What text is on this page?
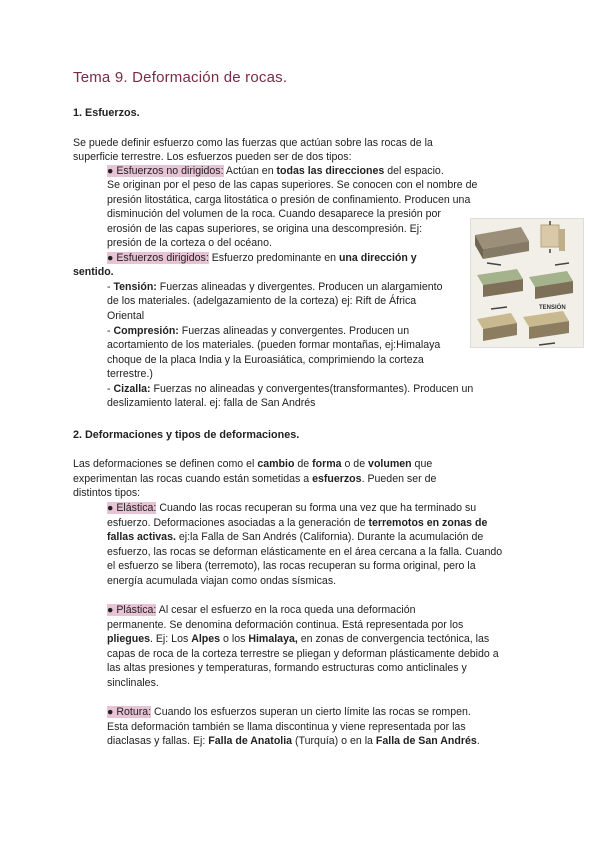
Tema 9. Deformación de rocas.
1. Esfuerzos.
Se puede definir esfuerzo como las fuerzas que actúan sobre las rocas de la
superficie terrestre. Los esfuerzos pueden ser de dos tipos:
● Esfuerzos no dirigidos: Actúan en todas las direcciones del espacio.
Se originan por el peso de las capas superiores. Se conocen con el nombre de
presión litostática, carga litostática o presión de confinamiento. Producen una
disminución del volumen de la roca. Cuando desaparece la presión por
erosión de las capas superiores, se origina una descompresión. Ej:
presión de la corteza o del océano.
● Esfuerzos dirigidos: Esfuerzo predominante en una dirección y
sentido.
- Tensión: Fuerzas alineadas y divergentes. Producen un alargamiento
de los materiales. (adelgazamiento de la corteza) ej: Rift de África
Oriental
- Compresión: Fuerzas alineadas y convergentes. Producen un
acortamiento de los materiales. (pueden formar montañas, ej:Himalaya
choque de la placa India y la Euroasiática, comprimiendo la corteza
terrestre.)
- Cizalla: Fuerzas no alineadas y convergentes(transformantes). Producen un
deslizamiento lateral. ej: falla de San Andrés
TENSIÓN
2. Deformaciones y tipos de deformaciones.
Las deformaciones se definen como el cambio de forma o de volumen que
experimentan las rocas cuando están sometidas a esfuerzos. Pueden ser de
distintos tipos:
● Elástica: Cuando las rocas recuperan su forma una vez que ha terminado su
esfuerzo. Deformaciones asociadas a la generación de terremotos en zonas de
fallas activas. ej:la Falla de San Andrés (California). Durante la acumulación de
esfuerzo, las rocas se deforman elásticamente en el área cercana a la falla. Cuando
el esfuerzo se libera (terremoto), las rocas recuperan su forma original, pero la
energía acumulada viajan como ondas sísmicas.
● Plástica: Al cesar el esfuerzo en la roca queda una deformación
permanente. Se denomina deformación continua. Está representada por los
pliegues. Ej: Los Alpes o los Himalaya, en zonas de convergencia tectónica, las
capas de roca de la corteza terrestre se pliegan y deforman plásticamente debido a
las altas presiones y temperaturas, formando estructuras como anticlinales y
sinclinales.
● Rotura: Cuando los esfuerzos superan un cierto límite las rocas se rompen.
Esta deformación también se llama discontinua y viene representada por las
diaclasas y fallas. Ej: Falla de Anatolia (Turquía) o en la Falla de San Andrés.
